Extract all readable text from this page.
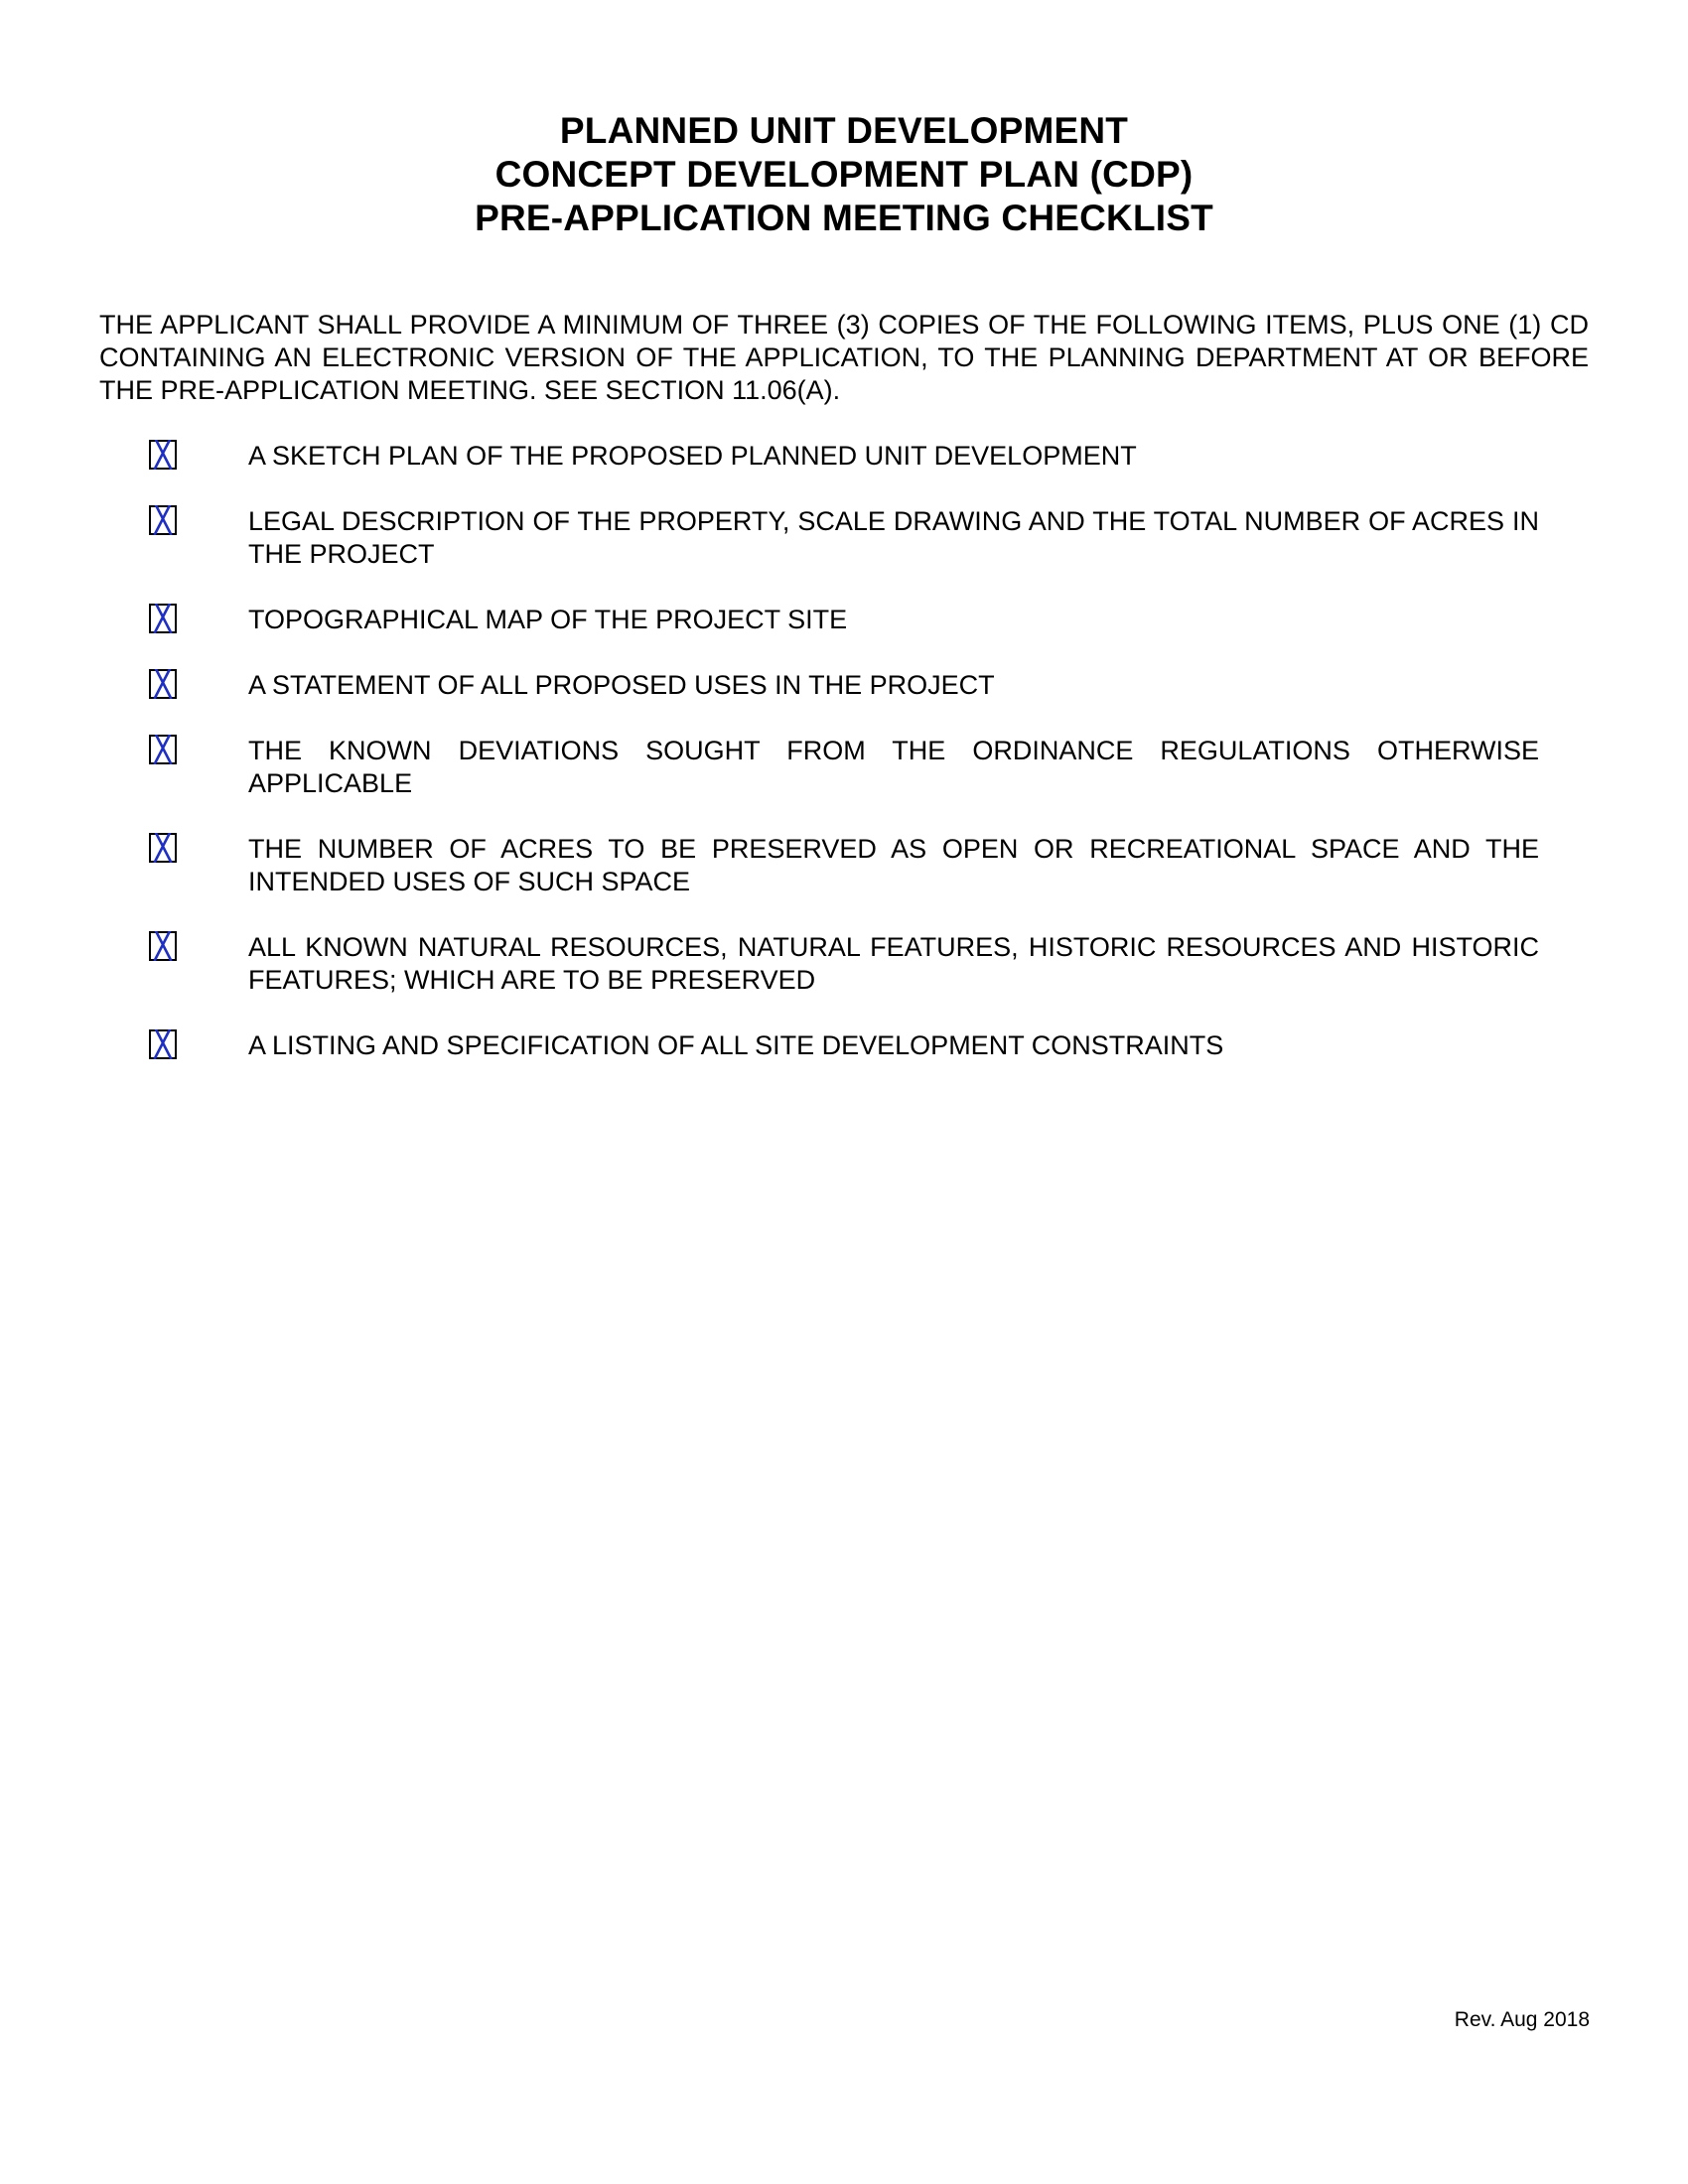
PLANNED UNIT DEVELOPMENT
CONCEPT DEVELOPMENT PLAN (CDP)
PRE-APPLICATION MEETING CHECKLIST
THE APPLICANT SHALL PROVIDE A MINIMUM OF THREE (3) COPIES OF THE FOLLOWING ITEMS, PLUS ONE (1) CD CONTAINING AN ELECTRONIC VERSION OF THE APPLICATION, TO THE PLANNING DEPARTMENT AT OR BEFORE THE PRE-APPLICATION MEETING. SEE SECTION 11.06(A).
A SKETCH PLAN OF THE PROPOSED PLANNED UNIT DEVELOPMENT
LEGAL DESCRIPTION OF THE PROPERTY, SCALE DRAWING AND THE TOTAL NUMBER OF ACRES IN THE PROJECT
TOPOGRAPHICAL MAP OF THE PROJECT SITE
A STATEMENT OF ALL PROPOSED USES IN THE PROJECT
THE KNOWN DEVIATIONS SOUGHT FROM THE ORDINANCE REGULATIONS OTHERWISE APPLICABLE
THE NUMBER OF ACRES TO BE PRESERVED AS OPEN OR RECREATIONAL SPACE AND THE INTENDED USES OF SUCH SPACE
ALL KNOWN NATURAL RESOURCES, NATURAL FEATURES, HISTORIC RESOURCES AND HISTORIC FEATURES; WHICH ARE TO BE PRESERVED
A LISTING AND SPECIFICATION OF ALL SITE DEVELOPMENT CONSTRAINTS
Rev. Aug 2018
